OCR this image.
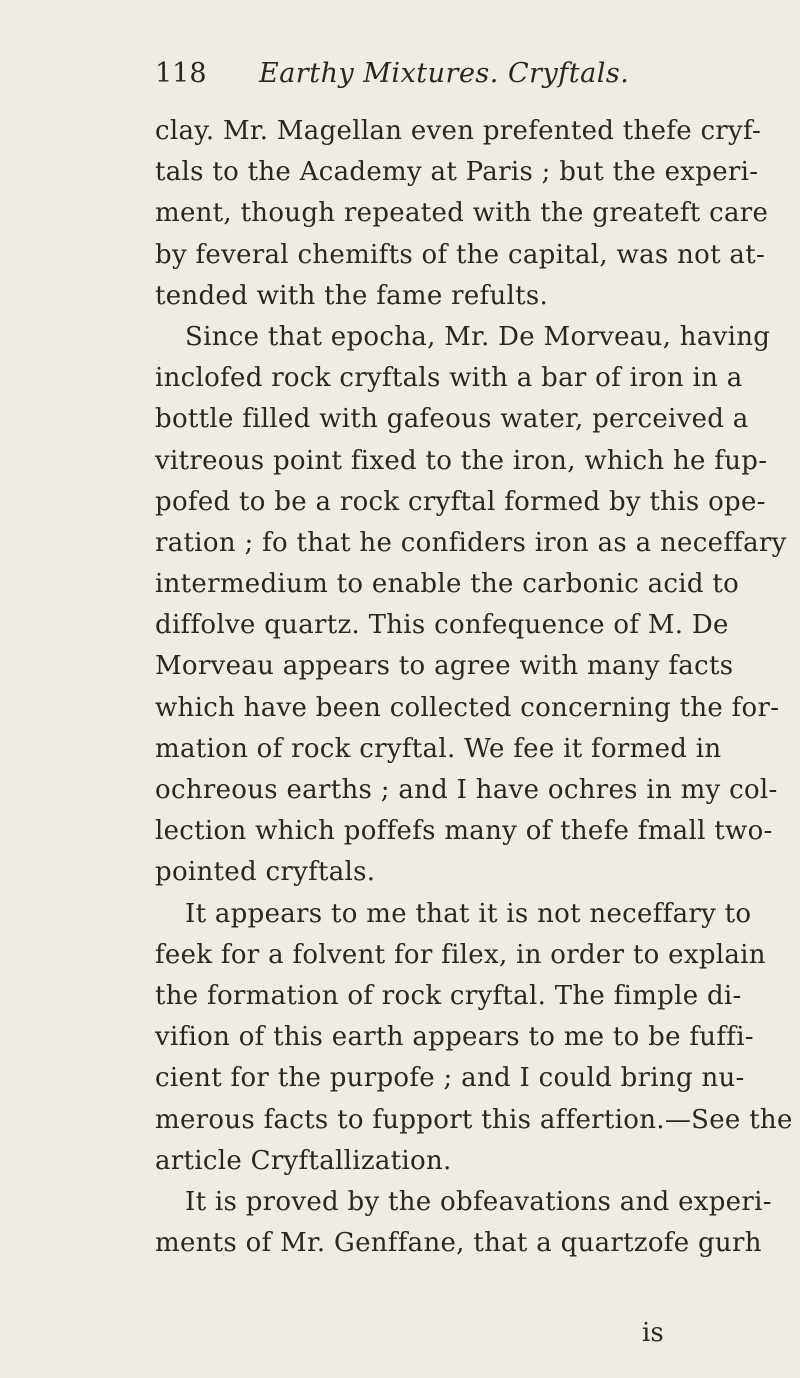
118 Earthy Mixtures. Cryftals.
clay. Mr. Magellan even prefented thefe cryf-
tals to the Academy at Paris ; but the experi-
ment, though repeated with the greateft care
by feveral chemifts of the capital, was not at-
tended with the fame refults.
Since that epocha, Mr. De Morveau, having
inclofed rock cryftals with a bar of iron in a
bottle filled with gafeous water, perceived a
vitreous point fixed to the iron, which he fup-
pofed to be a rock cryftal formed by this ope-
ration ; fo that he confiders iron as a neceffary
intermedium to enable the carbonic acid to
diffolve quartz. This confequence of M. De
Morveau appears to agree with many facts
which have been collected concerning the for-
mation of rock cryftal. We fee it formed in
ochreous earths ; and I have ochres in my col-
lection which poffefs many of thefe fmall two-
pointed cryftals.
It appears to me that it is not neceffary to
feek for a folvent for filex, in order to explain
the formation of rock cryftal. The fimple di-
vifion of this earth appears to me to be fuffi-
cient for the purpofe ; and I could bring nu-
merous facts to fupport this affertion.—See the
article Cryftallization.
It is proved by the obfeavations and experi-
ments of Mr. Genffane, that a quartzofe gurh
is
